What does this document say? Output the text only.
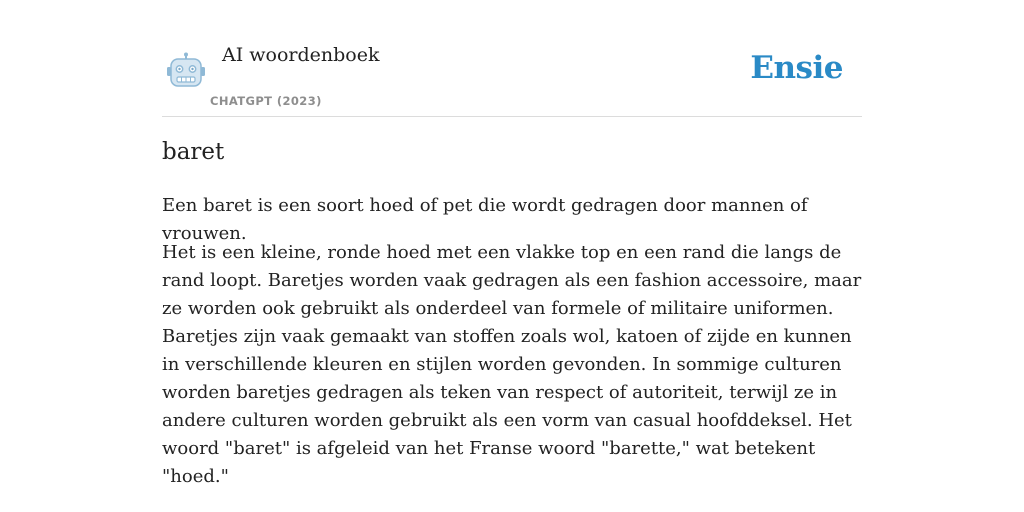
AI woordenboek
CHATGPT (2023)
Ensie
baret

Een baret is een soort hoed of pet die wordt gedragen door mannen of vrouwen.

Het is een kleine, ronde hoed met een vlakke top en een rand die langs de rand loopt. Baretjes worden vaak gedragen als een fashion accessoire, maar ze worden ook gebruikt als onderdeel van formele of militaire uniformen. Baretjes zijn vaak gemaakt van stoffen zoals wol, katoen of zijde en kunnen in verschillende kleuren en stijlen worden gevonden. In sommige culturen worden baretjes gedragen als teken van respect of autoriteit, terwijl ze in andere culturen worden gebruikt als een vorm van casual hoofddeksel. Het woord "baret" is afgeleid van het Franse woord "barette," wat betekent "hoed."
